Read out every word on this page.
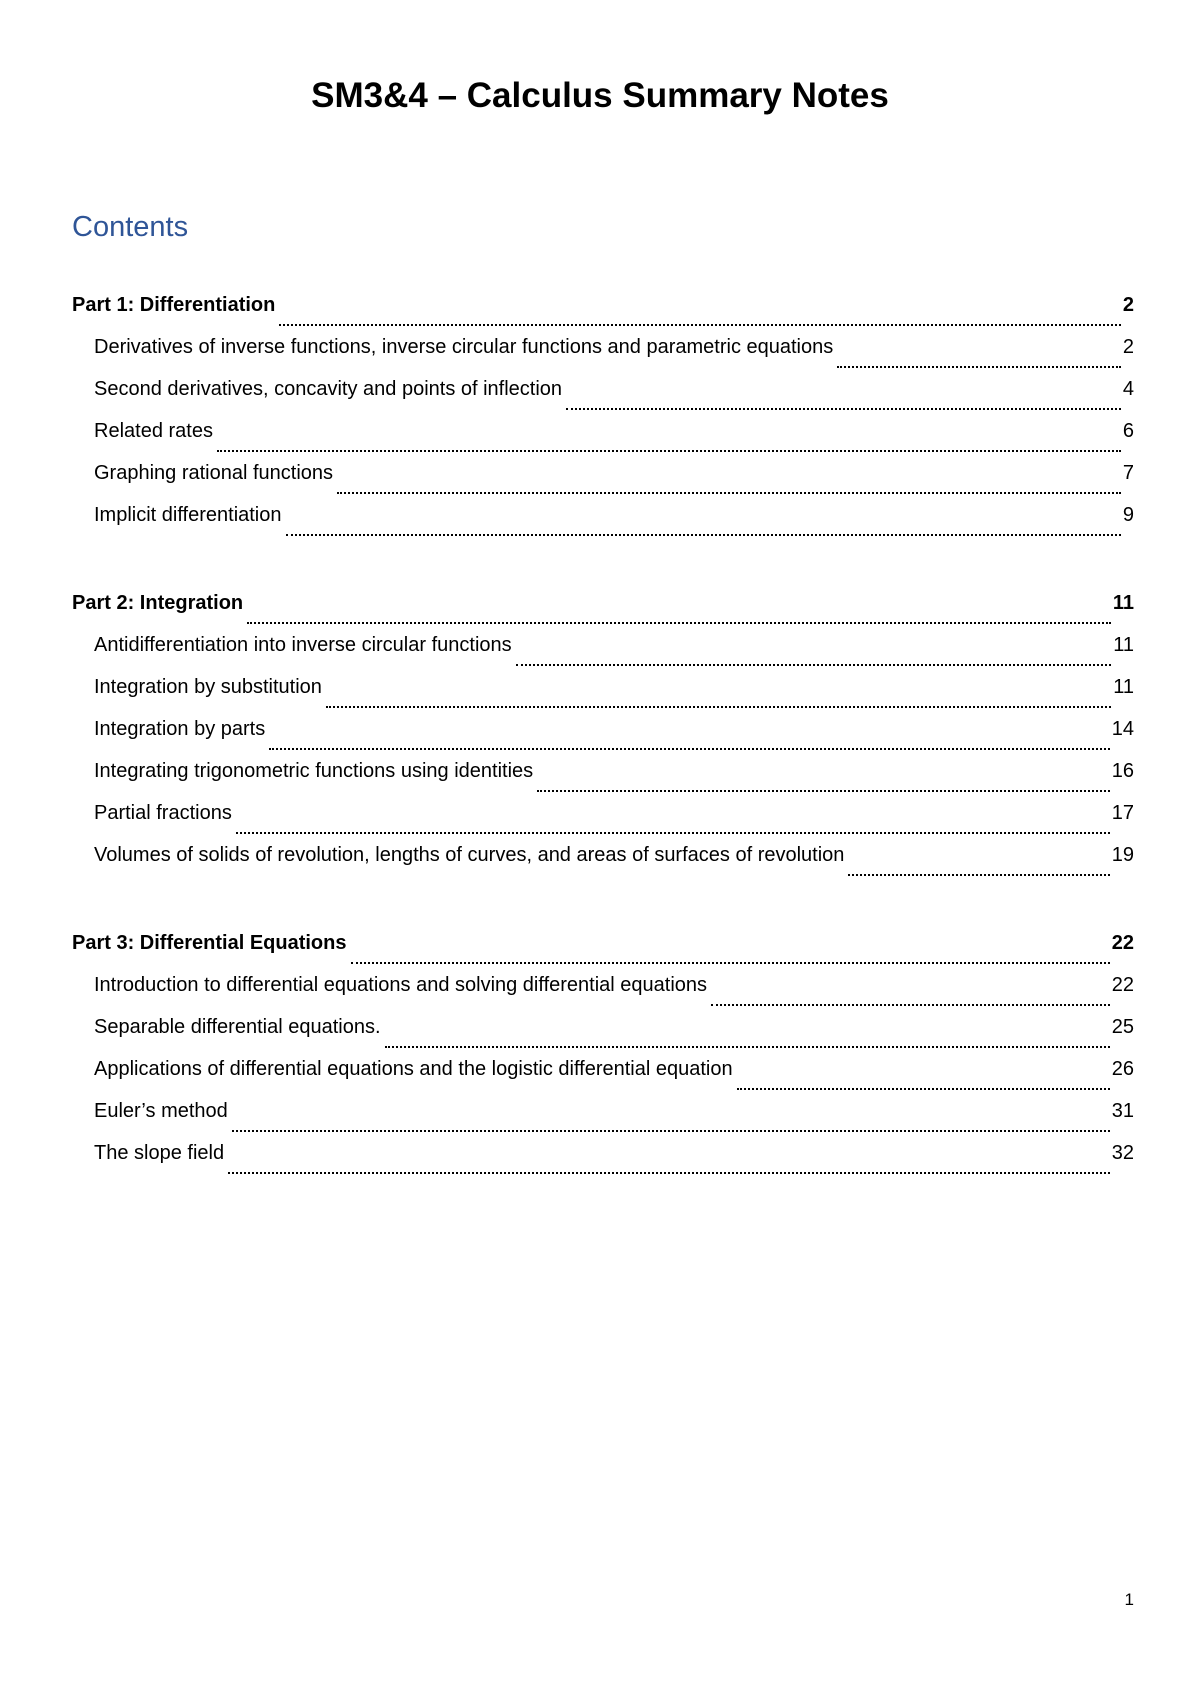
SM3&4 – Calculus Summary Notes
Contents
Part 1: Differentiation	2
Derivatives of inverse functions, inverse circular functions and parametric equations	2
Second derivatives, concavity and points of inflection	4
Related rates	6
Graphing rational functions	7
Implicit differentiation	9
Part 2: Integration	11
Antidifferentiation into inverse circular functions	11
Integration by substitution	11
Integration by parts	14
Integrating trigonometric functions using identities	16
Partial fractions	17
Volumes of solids of revolution, lengths of curves, and areas of surfaces of revolution	19
Part 3: Differential Equations	22
Introduction to differential equations and solving differential equations	22
Separable differential equations.	25
Applications of differential equations and the logistic differential equation	26
Euler’s method	31
The slope field	32
1
